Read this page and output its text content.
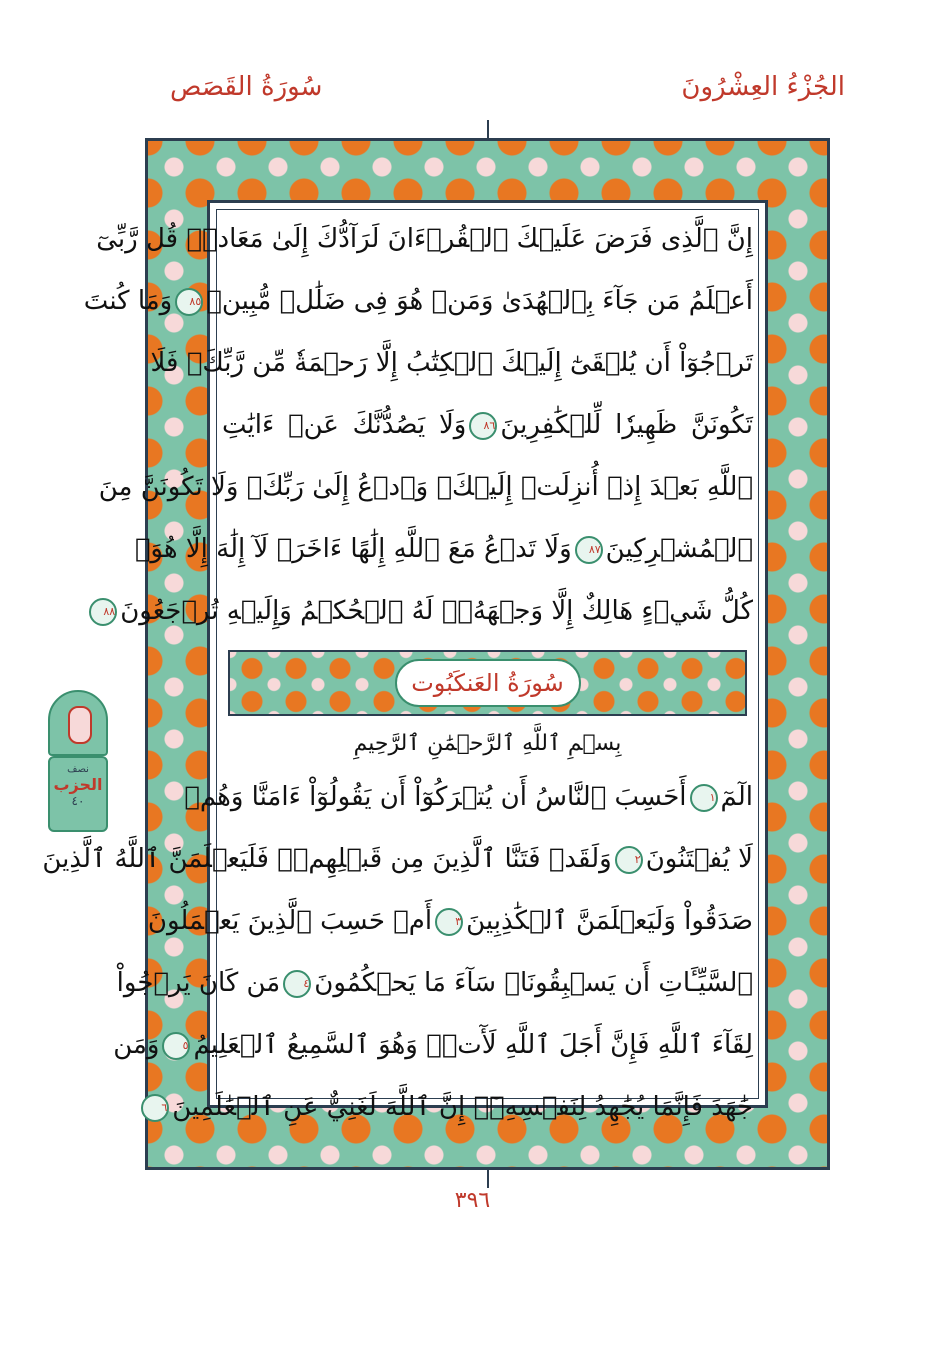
سُورَةُ القَصَص	الجُزْءُ العِشْرُونَ
إِنَّ ٱلَّذِى فَرَضَ عَلَيۡكَ ٱلۡقُرۡءَانَ لَرَآدُّكَ إِلَىٰ مَعَادٖۚ قُل رَّبِّىٓ
أَعۡلَمُ مَن جَآءَ بِٱلۡهُدَىٰ وَمَنۡ هُوَ فِى ضَلَٰلٖ مُّبِينٖ٨٥وَمَا كُنتَ
تَرۡجُوٓاْ أَن يُلۡقَىٰٓ إِلَيۡكَ ٱلۡكِتَٰبُ إِلَّا رَحۡمَةٗ مِّن رَّبِّكَۖ فَلَا
تَكُونَنَّ ظَهِيرٗا لِّلۡكَٰفِرِينَ٨٦وَلَا يَصُدُّنَّكَ عَنۡ ءَايَٰتِ
ٱللَّهِ بَعۡدَ إِذۡ أُنزِلَتۡ إِلَيۡكَۖ وَٱدۡعُ إِلَىٰ رَبِّكَۖ وَلَا تَكُونَنَّ مِنَ
ٱلۡمُشۡرِكِينَ٨٧وَلَا تَدۡعُ مَعَ ٱللَّهِ إِلَٰهًا ءَاخَرَۘ لَآ إِلَٰهَ إِلَّا هُوَۚ
كُلُّ شَيۡءٍ هَالِكٌ إِلَّا وَجۡهَهُۥۚ لَهُ ٱلۡحُكۡمُ وَإِلَيۡهِ تُرۡجَعُونَ٨٨
سُورَةُ العَنكَبُوت
بِسۡمِ ٱللَّهِ ٱلرَّحۡمَٰنِ ٱلرَّحِيمِ
الٓمٓ١أَحَسِبَ ٱلنَّاسُ أَن يُتۡرَكُوٓاْ أَن يَقُولُوٓاْ ءَامَنَّا وَهُمۡ
لَا يُفۡتَنُونَ٢وَلَقَدۡ فَتَنَّا ٱلَّذِينَ مِن قَبۡلِهِمۡۖ فَلَيَعۡلَمَنَّ ٱللَّهُ ٱلَّذِينَ
صَدَقُواْ وَلَيَعۡلَمَنَّ ٱلۡكَٰذِبِينَ٣أَمۡ حَسِبَ ٱلَّذِينَ يَعۡمَلُونَ
ٱلسَّيِّـَٔاتِ أَن يَسۡبِقُونَاۚ سَآءَ مَا يَحۡكُمُونَ٤مَن كَانَ يَرۡجُواْ
لِقَآءَ ٱللَّهِ فَإِنَّ أَجَلَ ٱللَّهِ لَأٓتٖۚ وَهُوَ ٱلسَّمِيعُ ٱلۡعَلِيمُ٥وَمَن
جَٰهَدَ فَإِنَّمَا يُجَٰهِدُ لِنَفۡسِهِۦٓۚ إِنَّ ٱللَّهَ لَغَنِيٌّ عَنِ ٱلۡعَٰلَمِينَ٦
نصف
الحزب
٤٠
٣٩٦
